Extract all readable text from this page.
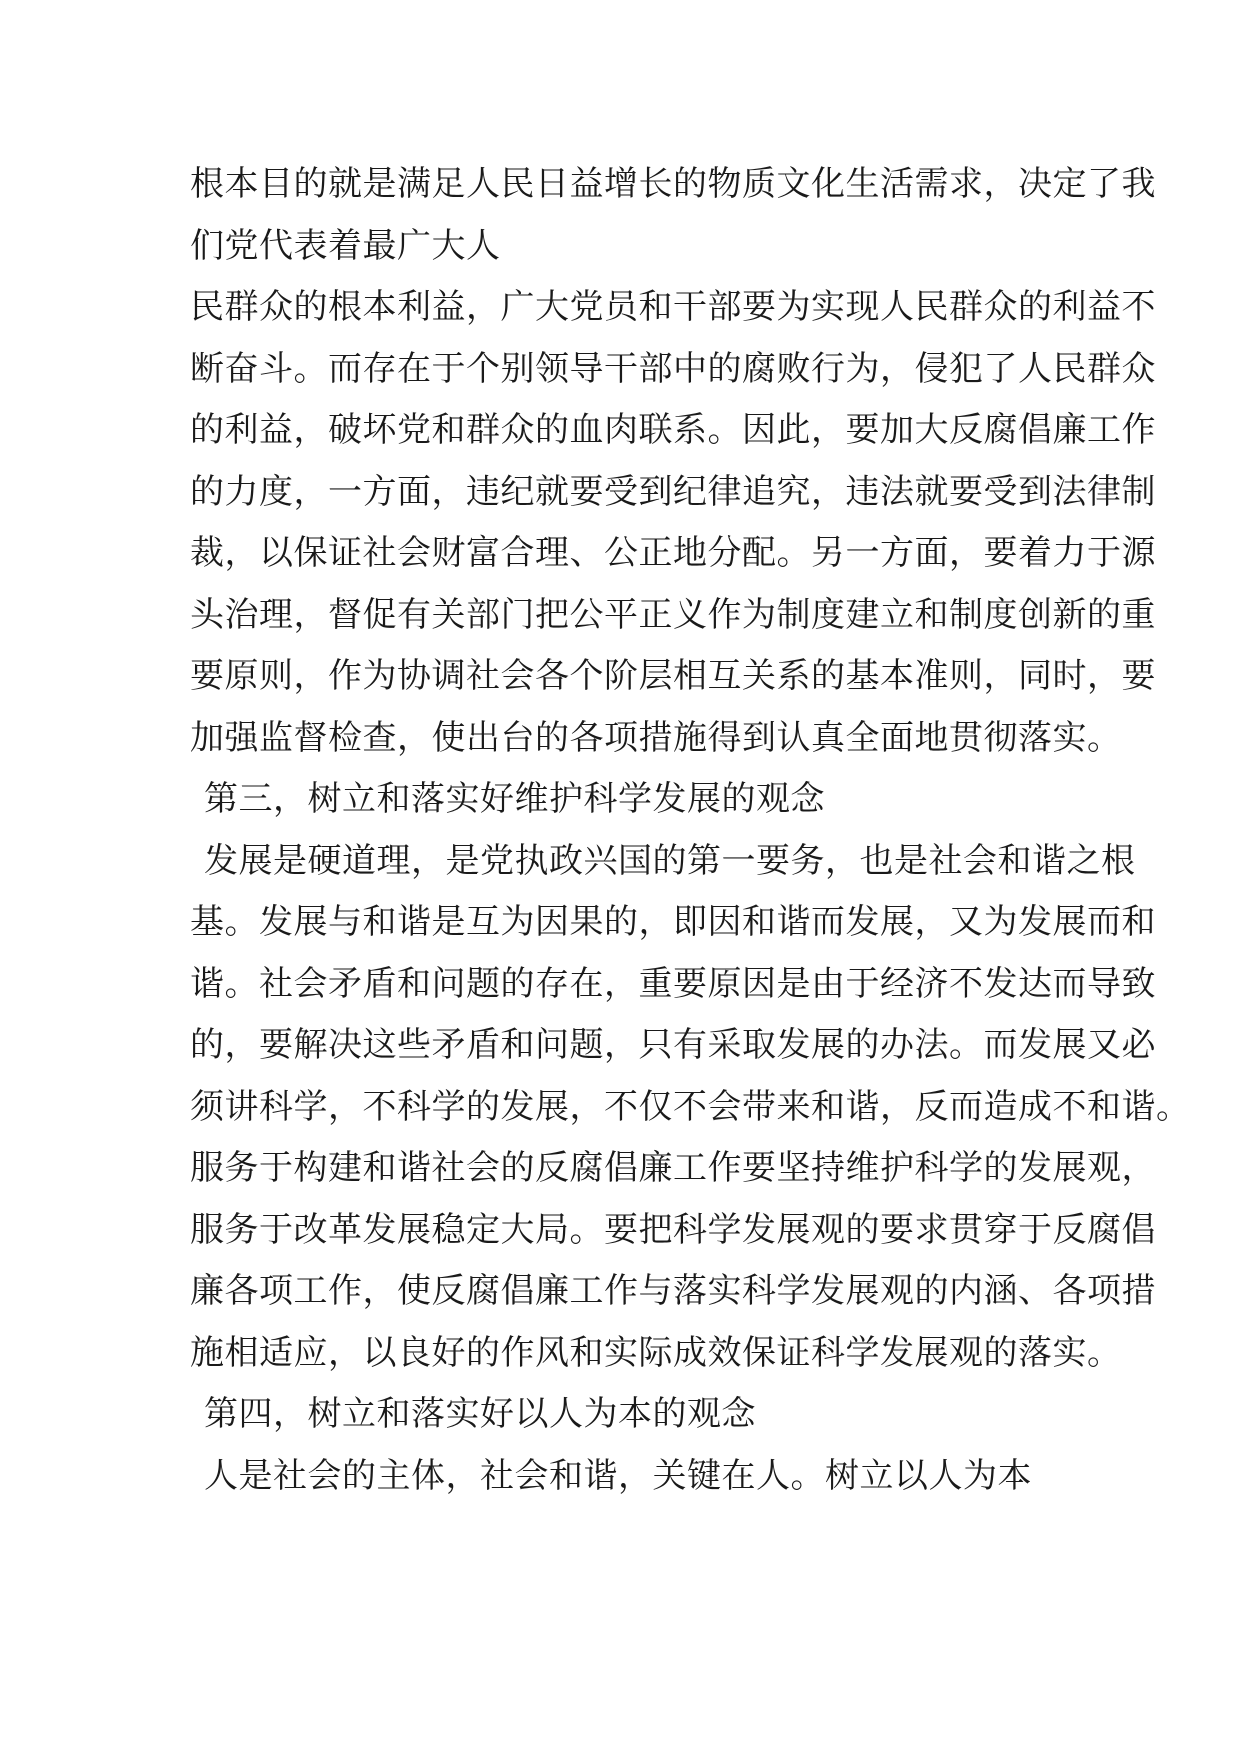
根本目的就是满足人民日益增长的物质文化生活需求，决定了我
们党代表着最广大人
民群众的根本利益，广大党员和干部要为实现人民群众的利益不
断奋斗。而存在于个别领导干部中的腐败行为，侵犯了人民群众
的利益，破坏党和群众的血肉联系。因此，要加大反腐倡廉工作
的力度，一方面，违纪就要受到纪律追究，违法就要受到法律制
裁，以保证社会财富合理、公正地分配。另一方面，要着力于源
头治理，督促有关部门把公平正义作为制度建立和制度创新的重
要原则，作为协调社会各个阶层相互关系的基本准则，同时，要
加强监督检查，使出台的各项措施得到认真全面地贯彻落实。
第三，树立和落实好维护科学发展的观念
发展是硬道理，是党执政兴国的第一要务，也是社会和谐之根
基。发展与和谐是互为因果的，即因和谐而发展，又为发展而和
谐。社会矛盾和问题的存在，重要原因是由于经济不发达而导致
的，要解决这些矛盾和问题，只有采取发展的办法。而发展又必
须讲科学，不科学的发展，不仅不会带来和谐，反而造成不和谐。
服务于构建和谐社会的反腐倡廉工作要坚持维护科学的发展观，
服务于改革发展稳定大局。要把科学发展观的要求贯穿于反腐倡
廉各项工作，使反腐倡廉工作与落实科学发展观的内涵、各项措
施相适应，以良好的作风和实际成效保证科学发展观的落实。
第四，树立和落实好以人为本的观念
人是社会的主体，社会和谐，关键在人。树立以人为本
